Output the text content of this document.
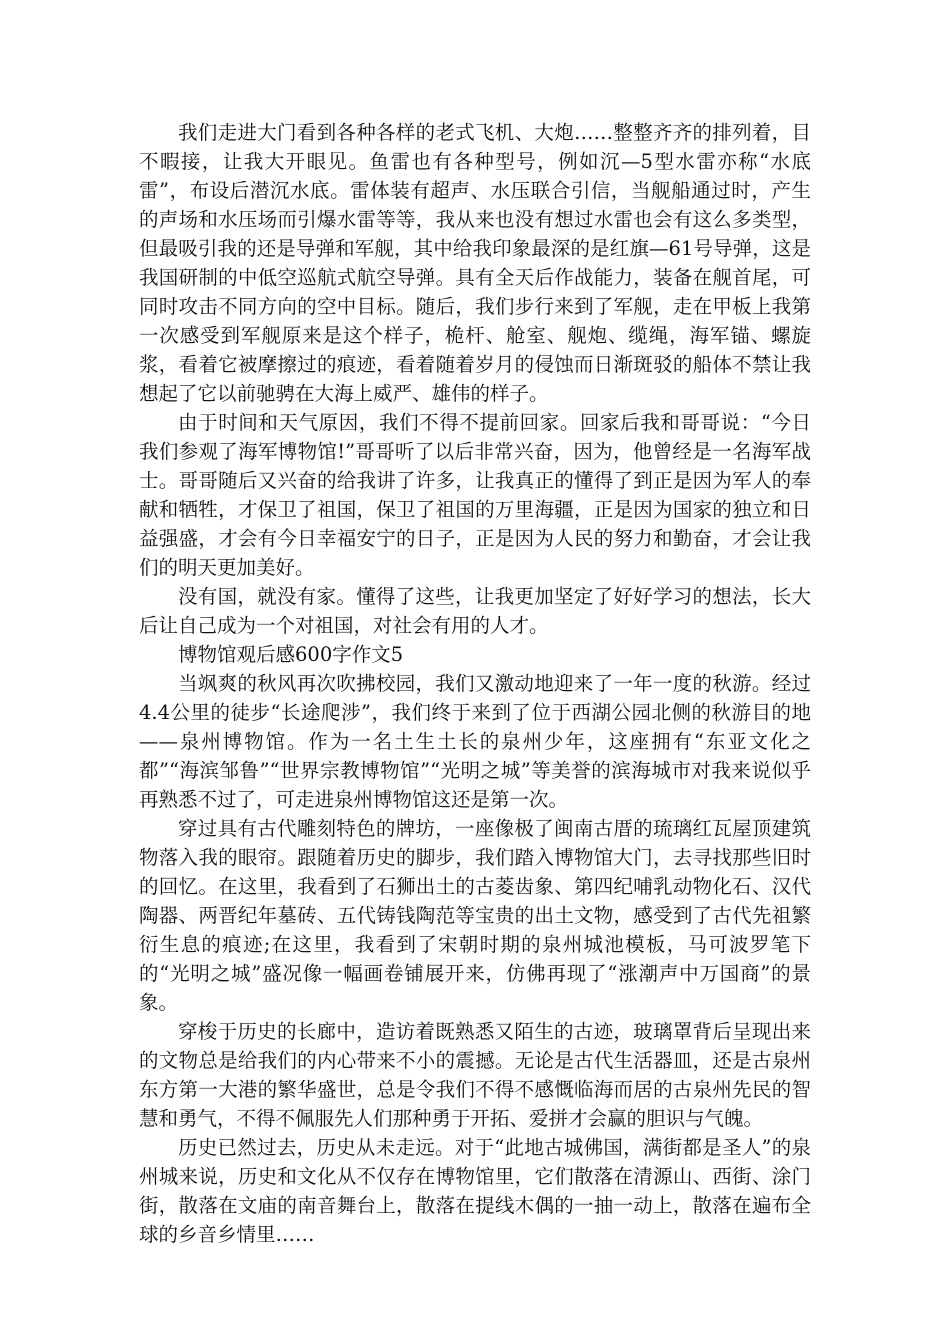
我们走进大门看到各种各样的老式飞机、大炮……整整齐齐的排列着，目不暇接，让我大开眼见。鱼雷也有各种型号，例如沉—5型水雷亦称“水底雷”，布设后潜沉水底。雷体装有超声、水压联合引信，当舰船通过时，产生的声场和水压场而引爆水雷等等，我从来也没有想过水雷也会有这么多类型，但最吸引我的还是导弹和军舰，其中给我印象最深的是红旗—61号导弹，这是我国研制的中低空巡航式航空导弹。具有全天后作战能力，装备在舰首尾，可同时攻击不同方向的空中目标。随后，我们步行来到了军舰，走在甲板上我第一次感受到军舰原来是这个样子，桅杆、舱室、舰炮、缆绳，海军锚、螺旋浆，看着它被摩擦过的痕迹，看着随着岁月的侵蚀而日渐斑驳的船体不禁让我想起了它以前驰骋在大海上威严、雄伟的样子。

由于时间和天气原因，我们不得不提前回家。回家后我和哥哥说：“今日我们参观了海军博物馆!”哥哥听了以后非常兴奋，因为，他曾经是一名海军战士。哥哥随后又兴奋的给我讲了许多，让我真正的懂得了到正是因为军人的奉献和牺牲，才保卫了祖国，保卫了祖国的万里海疆，正是因为国家的独立和日益强盛，才会有今日幸福安宁的日子，正是因为人民的努力和勤奋，才会让我们的明天更加美好。

没有国，就没有家。懂得了这些，让我更加坚定了好好学习的想法，长大后让自己成为一个对祖国，对社会有用的人才。

博物馆观后感600字作文5

当飒爽的秋风再次吹拂校园，我们又激动地迎来了一年一度的秋游。经过4.4公里的徒步“长途爬涉”，我们终于来到了位于西湖公园北侧的秋游目的地——泉州博物馆。作为一名土生土长的泉州少年，这座拥有“东亚文化之都”“海滨邹鲁”“世界宗教博物馆”“光明之城”等美誉的滨海城市对我来说似乎再熟悉不过了，可走进泉州博物馆这还是第一次。

穿过具有古代雕刻特色的牌坊，一座像极了闽南古厝的琉璃红瓦屋顶建筑物落入我的眼帘。跟随着历史的脚步，我们踏入博物馆大门，去寻找那些旧时的回忆。在这里，我看到了石狮出土的古菱齿象、第四纪哺乳动物化石、汉代陶器、两晋纪年墓砖、五代铸钱陶范等宝贵的出土文物，感受到了古代先祖繁衍生息的痕迹;在这里，我看到了宋朝时期的泉州城池模板，马可波罗笔下的“光明之城”盛况像一幅画卷铺展开来，仿佛再现了“涨潮声中万国商”的景象。

穿梭于历史的长廊中，造访着既熟悉又陌生的古迹，玻璃罩背后呈现出来的文物总是给我们的内心带来不小的震撼。无论是古代生活器皿，还是古泉州东方第一大港的繁华盛世，总是令我们不得不感慨临海而居的古泉州先民的智慧和勇气，不得不佩服先人们那种勇于开拓、爱拼才会赢的胆识与气魄。

历史已然过去，历史从未走远。对于“此地古城佛国，满街都是圣人”的泉州城来说，历史和文化从不仅存在博物馆里，它们散落在清源山、西街、涂门街，散落在文庙的南音舞台上，散落在提线木偶的一抽一动上，散落在遍布全球的乡音乡情里……
